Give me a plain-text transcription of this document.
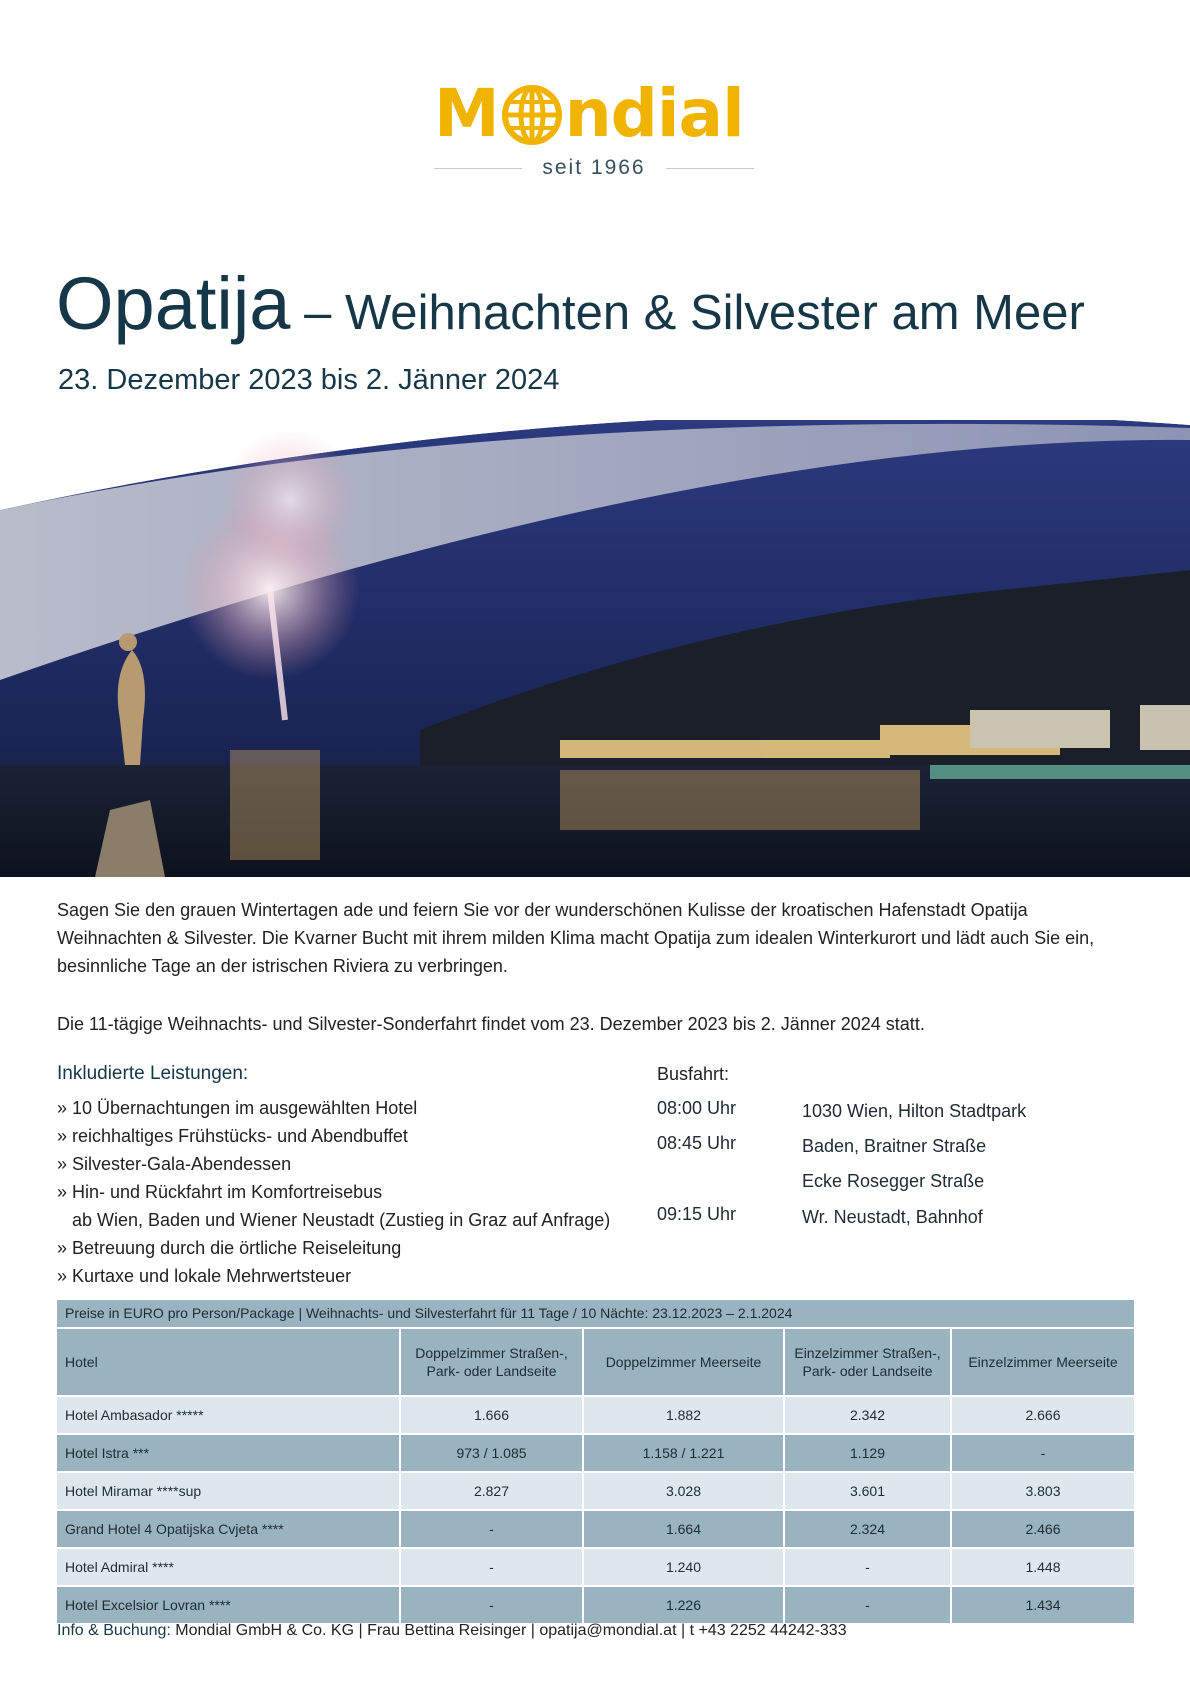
M ndial
seit 1966
Opatija – Weihnachten & Silvester am Meer
23. Dezember 2023 bis 2. Jänner 2024

Sagen Sie den grauen Wintertagen ade und feiern Sie vor der wunderschönen Kulisse der kroatischen Hafenstadt Opatija Weihnachten & Silvester. Die Kvarner Bucht mit ihrem milden Klima macht Opatija zum idealen Winterkurort und lädt auch Sie ein, besinnliche Tage an der istrischen Riviera zu verbringen.

Die 11-tägige Weihnachts- und Silvester-Sonderfahrt findet vom 23. Dezember 2023 bis 2. Jänner 2024 statt.

Inkludierte Leistungen:
» 10 Übernachtungen im ausgewählten Hotel
» reichhaltiges Frühstücks- und Abendbuffet
» Silvester-Gala-Abendessen
» Hin- und Rückfahrt im Komfortreisebus
ab Wien, Baden und Wiener Neustadt (Zustieg in Graz auf Anfrage)
» Betreuung durch die örtliche Reiseleitung
» Kurtaxe und lokale Mehrwertsteuer
Busfahrt:
08:00 Uhr	1030 Wien, Hilton Stadtpark
08:45 Uhr	Baden, Braitner Straße
Ecke Rosegger Straße
09:15 Uhr	Wr. Neustadt, Bahnhof
Preise in EURO pro Person/Package | Weihnachts- und Silvesterfahrt für 11 Tage / 10 Nächte: 23.12.2023 – 2.1.2024
Hotel	Doppelzimmer Straßen-, Park- oder Landseite	Doppelzimmer Meerseite	Einzelzimmer Straßen-, Park- oder Landseite	Einzelzimmer Meerseite
Hotel Ambasador *****	1.666	1.882	2.342	2.666
Hotel Istra ***	973 / 1.085	1.158 / 1.221	1.129	-
Hotel Miramar ****sup	2.827	3.028	3.601	3.803
Grand Hotel 4 Opatijska Cvjeta ****	-	1.664	2.324	2.466
Hotel Admiral ****	-	1.240	-	1.448
Hotel Excelsior Lovran ****	-	1.226	-	1.434
Info & Buchung: Mondial GmbH & Co. KG | Frau Bettina Reisinger | opatija@mondial.at | t +43 2252 44242-333
